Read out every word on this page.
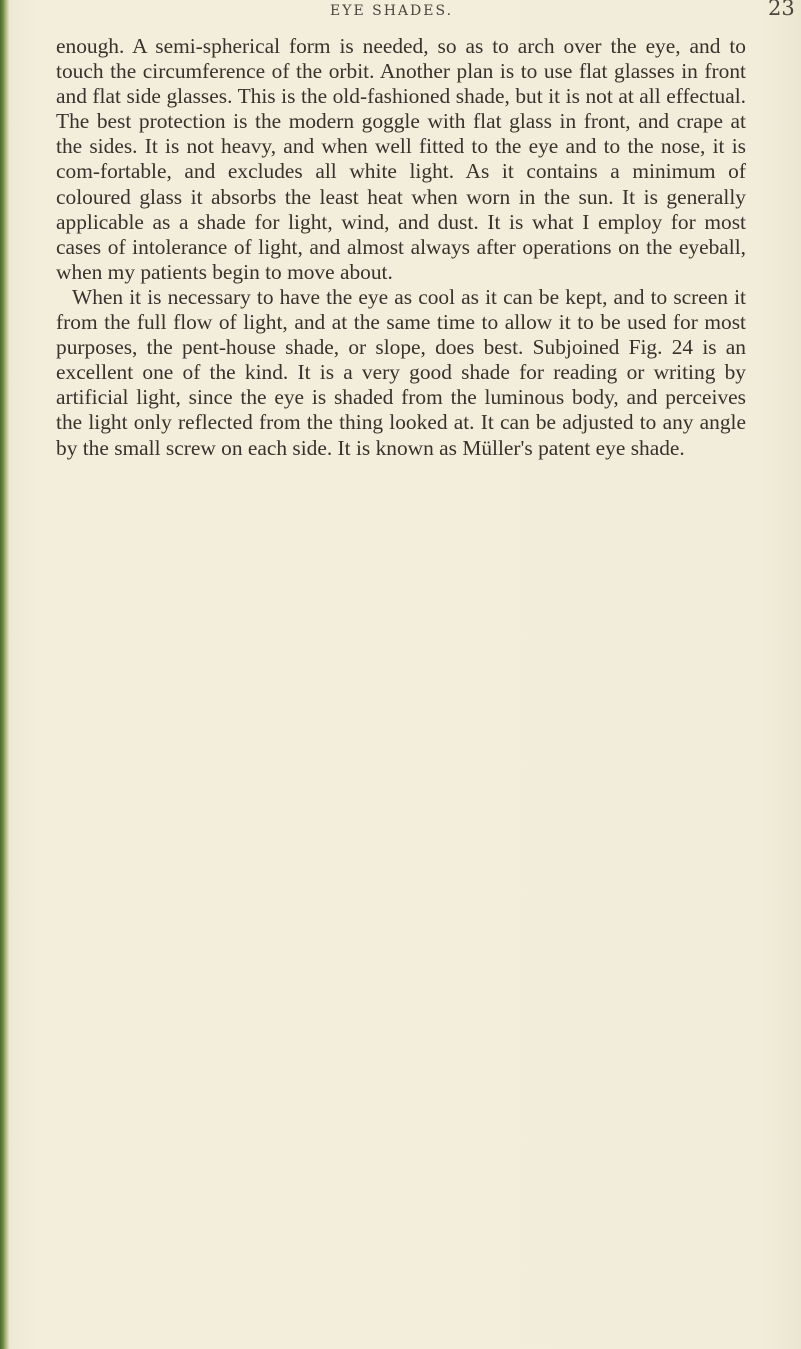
EYE SHADES.	23

enough. A semi-spherical form is needed, so as to arch over the eye, and to touch the circumference of the orbit. Another plan is to use flat glasses in front and flat side glasses. This is the old-fashioned shade, but it is not at all effectual. The best protection is the modern goggle with flat glass in front, and crape at the sides. It is not heavy, and when well fitted to the eye and to the nose, it is com-fortable, and excludes all white light. As it contains a minimum of coloured glass it absorbs the least heat when worn in the sun. It is generally applicable as a shade for light, wind, and dust. It is what I employ for most cases of intolerance of light, and almost always after operations on the eyeball, when my patients begin to move about.

When it is necessary to have the eye as cool as it can be kept, and to screen it from the full flow of light, and at the same time to allow it to be used for most purposes, the pent-house shade, or slope, does best. Subjoined Fig. 24 is an excellent one of the kind. It is a very good shade for reading or writing by artificial light, since the eye is shaded from the luminous body, and perceives the light only reflected from the thing looked at. It can be adjusted to any angle by the small screw on each side. It is known as Müller's patent eye shade.
